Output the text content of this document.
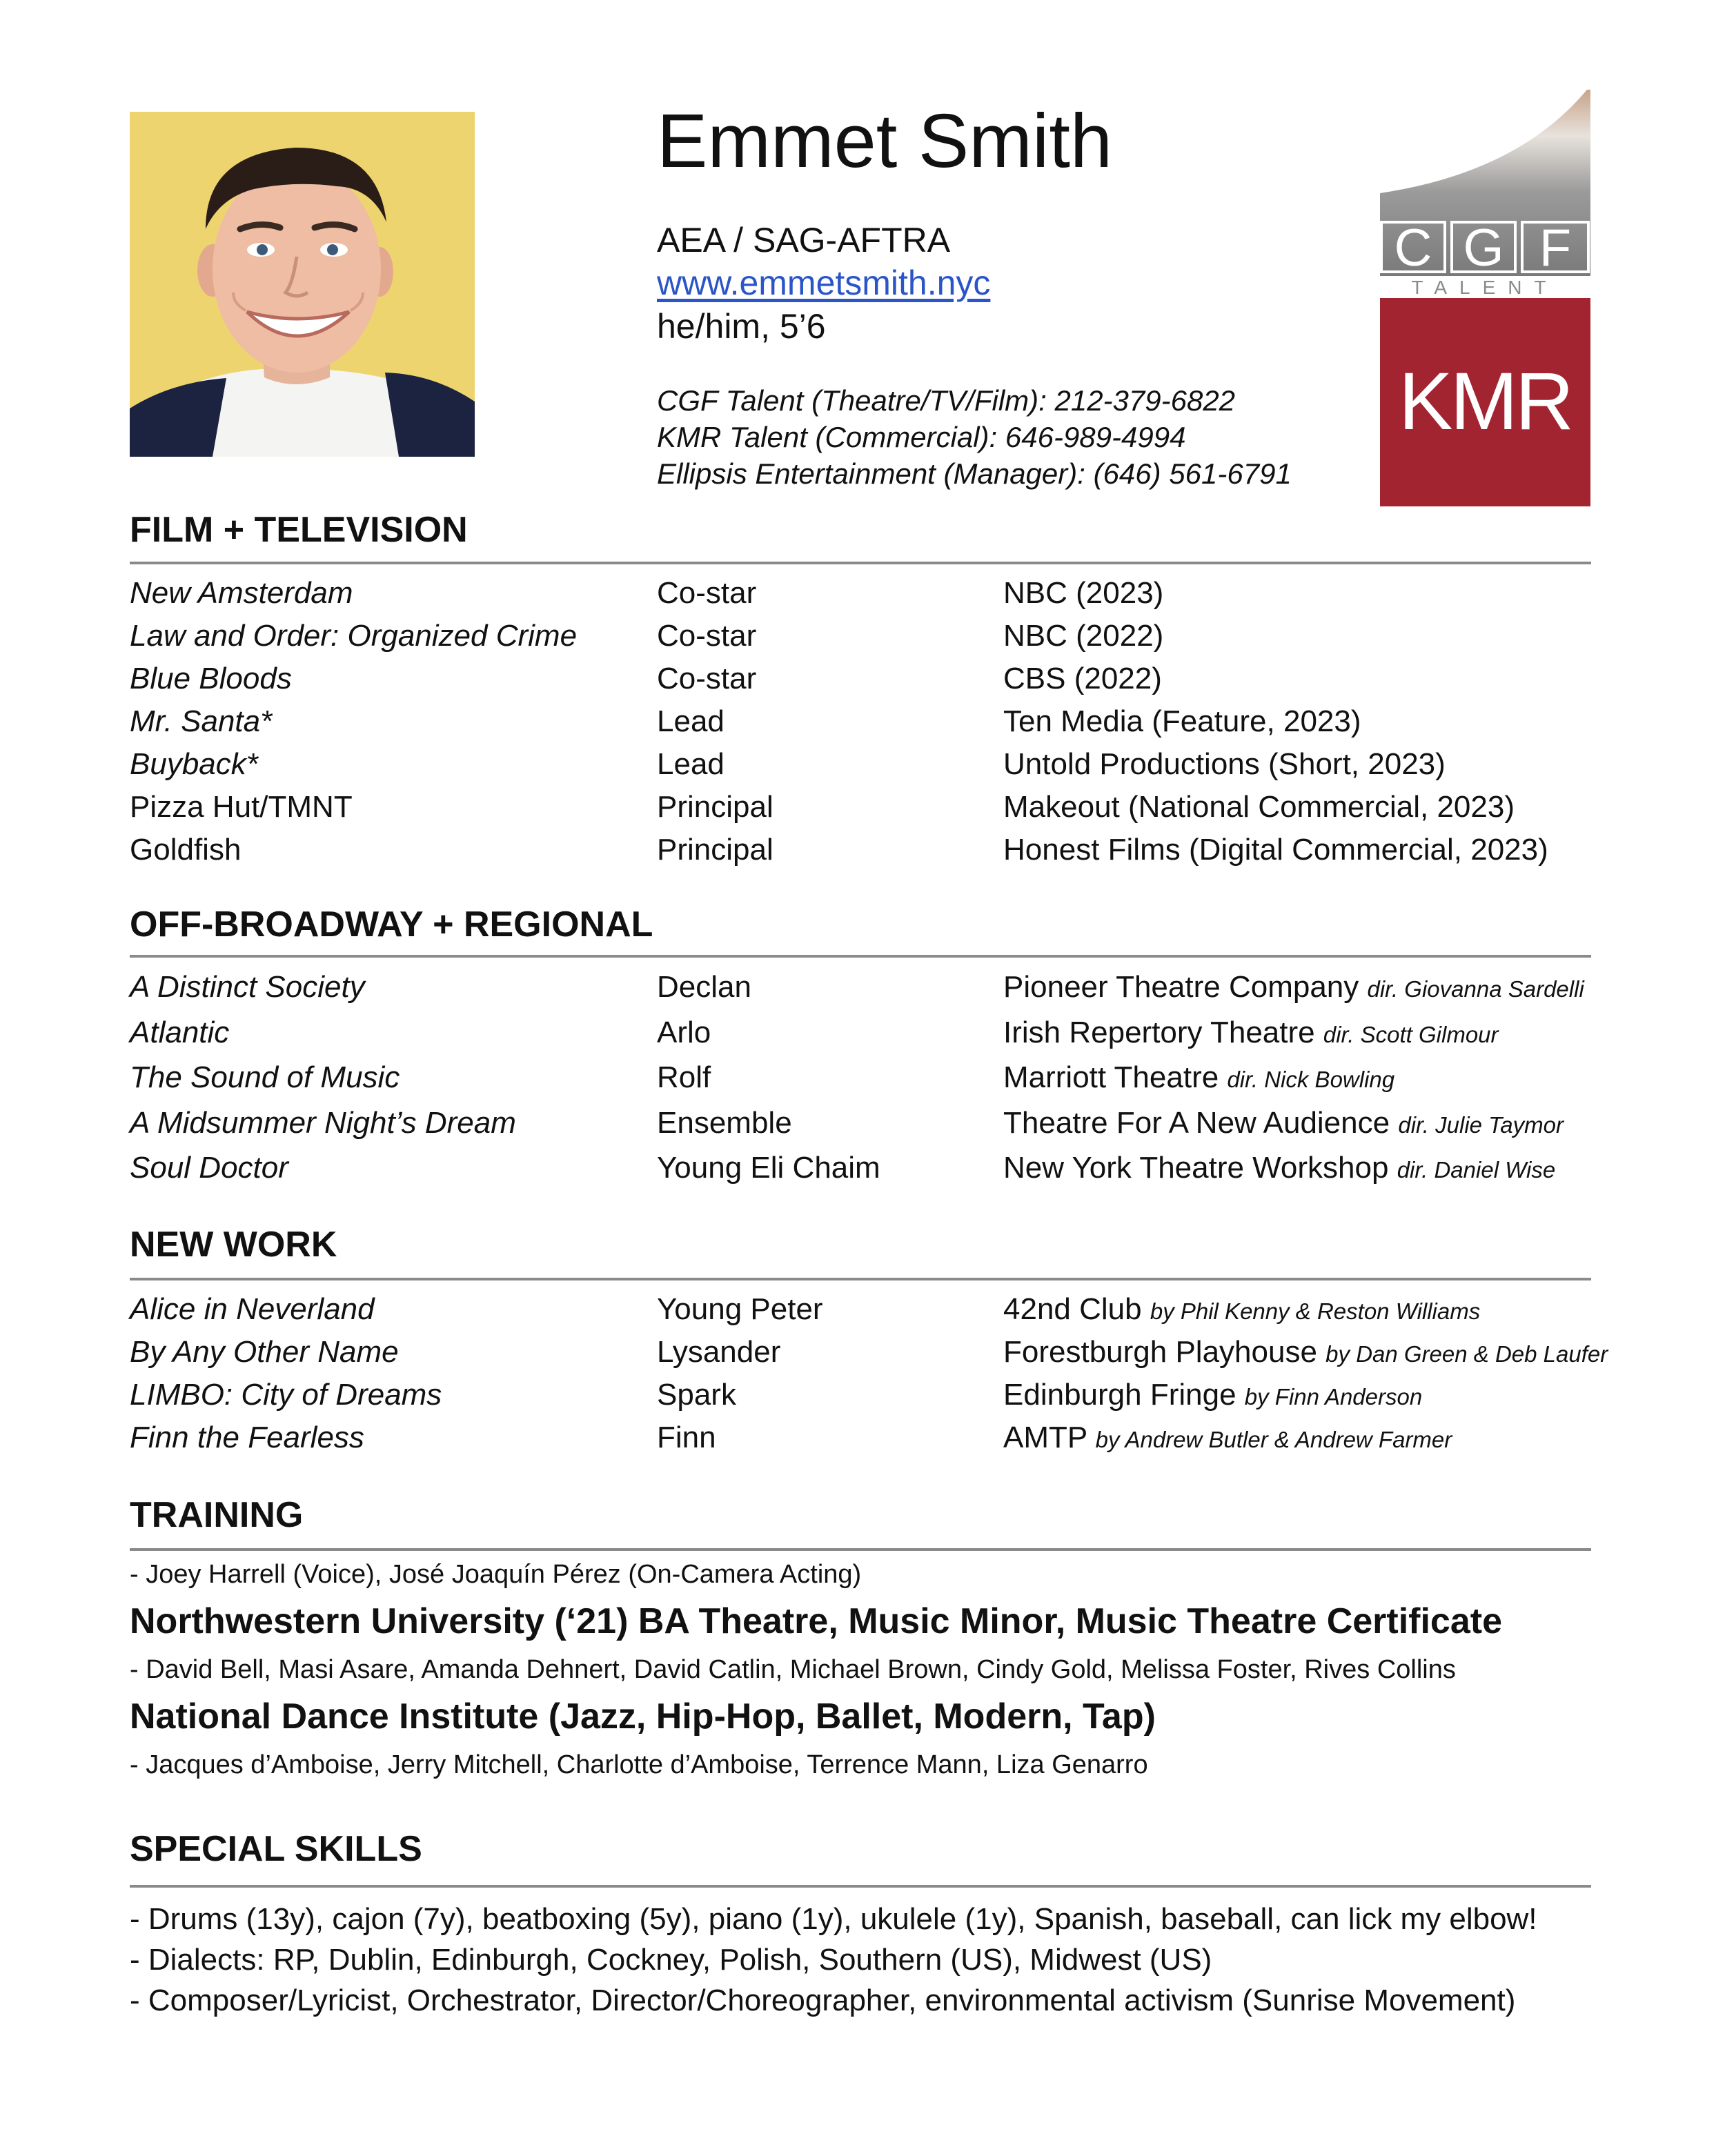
Emmet Smith
AEA / SAG-AFTRA
www.emmetsmith.nyc
he/him, 5’6
CGF Talent (Theatre/TV/Film): 212-379-6822
KMR Talent (Commercial): 646-989-4994
Ellipsis Entertainment (Manager): (646) 561-6791
C G F
TALENT
KMR
FILM + TELEVISION
New Amsterdam	Co-star	NBC (2023)
Law and Order: Organized Crime	Co-star	NBC (2022)
Blue Bloods	Co-star	CBS (2022)
Mr. Santa*	Lead	Ten Media (Feature, 2023)
Buyback*	Lead	Untold Productions (Short, 2023)
Pizza Hut/TMNT	Principal	Makeout (National Commercial, 2023)
Goldfish	Principal	Honest Films (Digital Commercial, 2023)
OFF-BROADWAY + REGIONAL
A Distinct Society	Declan	Pioneer Theatre Company dir. Giovanna Sardelli
Atlantic	Arlo	Irish Repertory Theatre dir. Scott Gilmour
The Sound of Music	Rolf	Marriott Theatre dir. Nick Bowling
A Midsummer Night’s Dream	Ensemble	Theatre For A New Audience dir. Julie Taymor
Soul Doctor	Young Eli Chaim	New York Theatre Workshop dir. Daniel Wise
NEW WORK
Alice in Neverland	Young Peter	42nd Club by Phil Kenny & Reston Williams
By Any Other Name	Lysander	Forestburgh Playhouse by Dan Green & Deb Laufer
LIMBO: City of Dreams	Spark	Edinburgh Fringe by Finn Anderson
Finn the Fearless	Finn	AMTP by Andrew Butler & Andrew Farmer
TRAINING
- Joey Harrell (Voice), José Joaquín Pérez (On-Camera Acting)
Northwestern University (‘21) BA Theatre, Music Minor, Music Theatre Certificate
- David Bell, Masi Asare, Amanda Dehnert, David Catlin, Michael Brown, Cindy Gold, Melissa Foster, Rives Collins
National Dance Institute (Jazz, Hip-Hop, Ballet, Modern, Tap)
- Jacques d’Amboise, Jerry Mitchell, Charlotte d’Amboise, Terrence Mann, Liza Genarro
SPECIAL SKILLS
- Drums (13y), cajon (7y), beatboxing (5y), piano (1y), ukulele (1y), Spanish, baseball, can lick my elbow!
- Dialects: RP, Dublin, Edinburgh, Cockney, Polish, Southern (US), Midwest (US)
- Composer/Lyricist, Orchestrator, Director/Choreographer, environmental activism (Sunrise Movement)
